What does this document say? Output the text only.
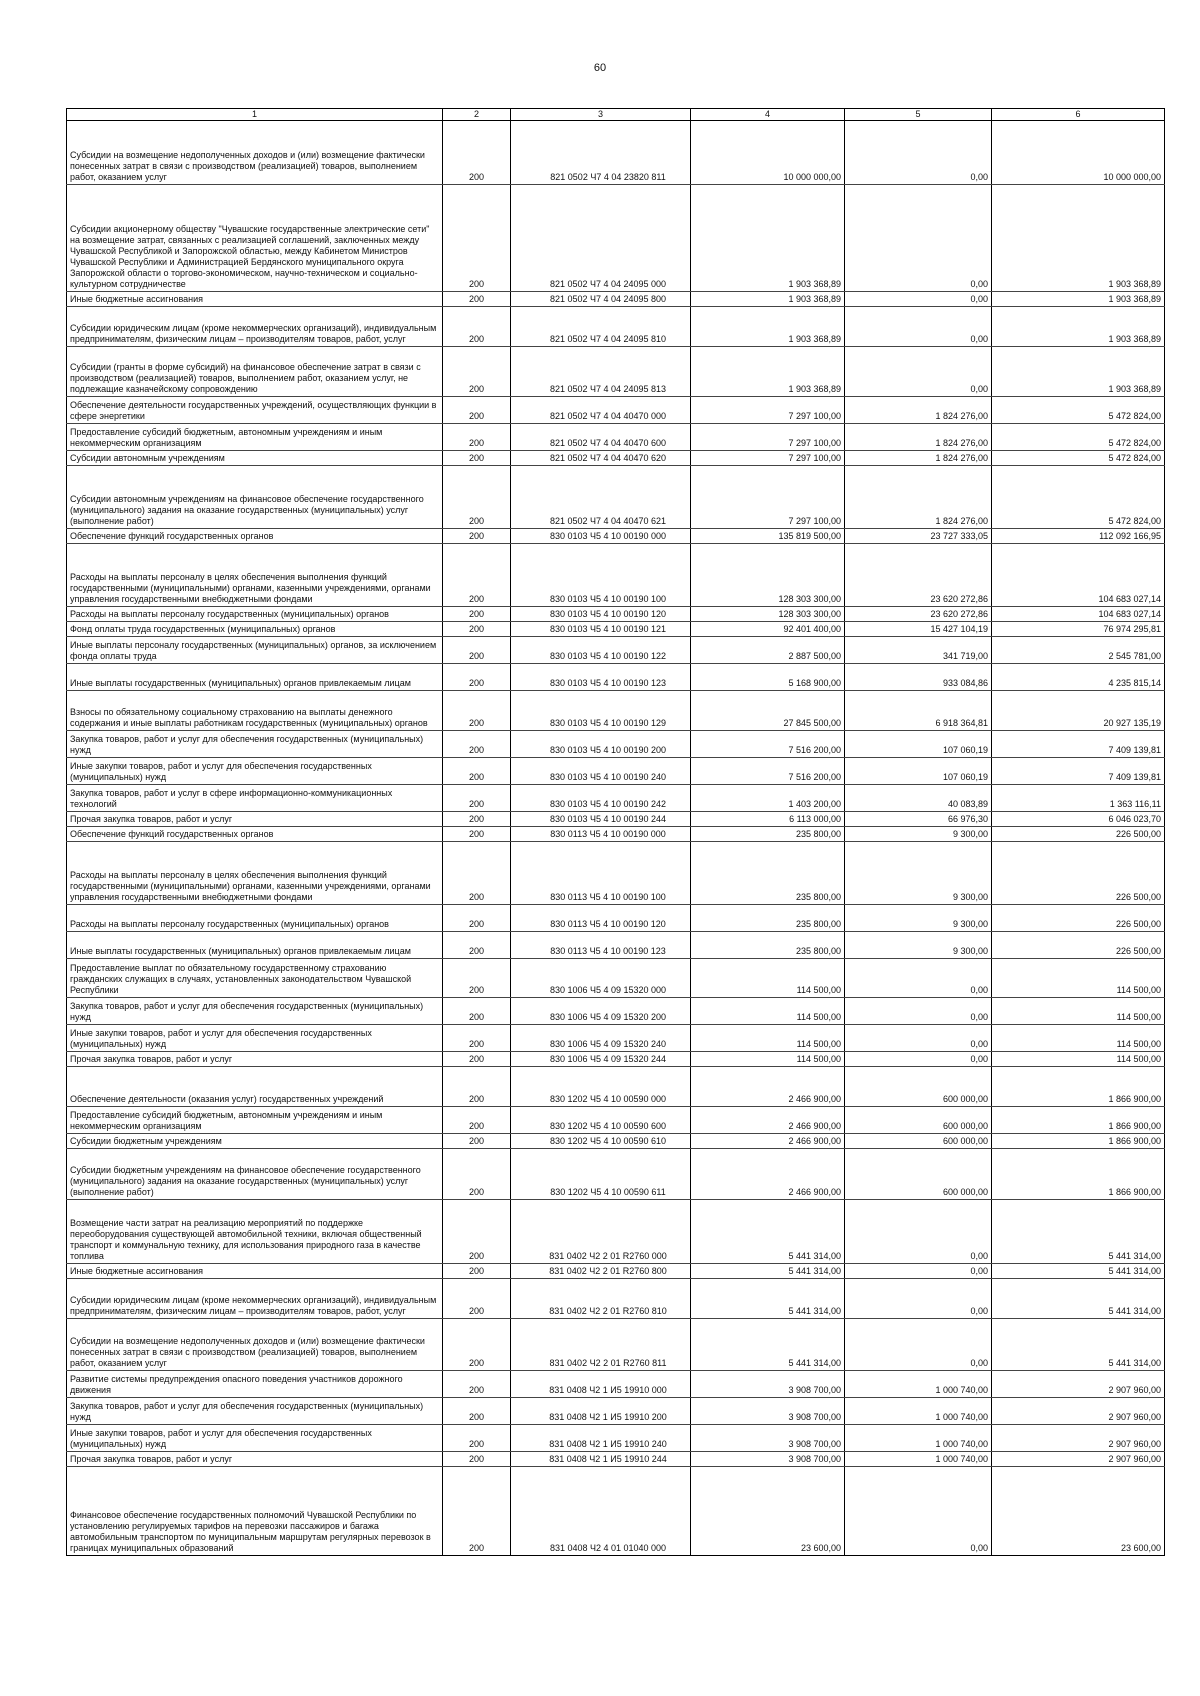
60
1	2	3	4	5	6
Субсидии на возмещение недополученных доходов и (или) возмещение фактически понесенных затрат в связи с производством (реализацией) товаров, выполнением работ, оказанием услуг	200	821 0502 Ч7 4 04 23820 811	10 000 000,00	0,00	10 000 000,00
Субсидии акционерному обществу "Чувашские государственные электрические сети" на возмещение затрат, связанных с реализацией соглашений, заключенных между Чувашской Республикой и Запорожской областью, между Кабинетом Министров Чувашской Республики и Администрацией Бердянского муниципального округа Запорожской области о торгово-экономическом, научно-техническом и социально-культурном сотрудничестве	200	821 0502 Ч7 4 04 24095 000	1 903 368,89	0,00	1 903 368,89
Иные бюджетные ассигнования	200	821 0502 Ч7 4 04 24095 800	1 903 368,89	0,00	1 903 368,89
Субсидии юридическим лицам (кроме некоммерческих организаций), индивидуальным предпринимателям, физическим лицам – производителям товаров, работ, услуг	200	821 0502 Ч7 4 04 24095 810	1 903 368,89	0,00	1 903 368,89
Субсидии (гранты в форме субсидий) на финансовое обеспечение затрат в связи с производством (реализацией) товаров, выполнением работ, оказанием услуг, не подлежащие казначейскому сопровождению	200	821 0502 Ч7 4 04 24095 813	1 903 368,89	0,00	1 903 368,89
Обеспечение деятельности государственных учреждений, осуществляющих функции в сфере энергетики	200	821 0502 Ч7 4 04 40470 000	7 297 100,00	1 824 276,00	5 472 824,00
Предоставление субсидий бюджетным, автономным учреждениям и иным некоммерческим организациям	200	821 0502 Ч7 4 04 40470 600	7 297 100,00	1 824 276,00	5 472 824,00
Субсидии автономным учреждениям	200	821 0502 Ч7 4 04 40470 620	7 297 100,00	1 824 276,00	5 472 824,00
Субсидии автономным учреждениям на финансовое обеспечение государственного (муниципального) задания на оказание государственных (муниципальных) услуг (выполнение работ)	200	821 0502 Ч7 4 04 40470 621	7 297 100,00	1 824 276,00	5 472 824,00
Обеспечение функций государственных органов	200	830 0103 Ч5 4 10 00190 000	135 819 500,00	23 727 333,05	112 092 166,95
Расходы на выплаты персоналу в целях обеспечения выполнения функций государственными (муниципальными) органами, казенными учреждениями, органами управления государственными внебюджетными фондами	200	830 0103 Ч5 4 10 00190 100	128 303 300,00	23 620 272,86	104 683 027,14
Расходы на выплаты персоналу государственных (муниципальных) органов	200	830 0103 Ч5 4 10 00190 120	128 303 300,00	23 620 272,86	104 683 027,14
Фонд оплаты труда государственных (муниципальных) органов	200	830 0103 Ч5 4 10 00190 121	92 401 400,00	15 427 104,19	76 974 295,81
Иные выплаты персоналу государственных (муниципальных) органов, за исключением фонда оплаты труда	200	830 0103 Ч5 4 10 00190 122	2 887 500,00	341 719,00	2 545 781,00
Иные выплаты государственных (муниципальных) органов привлекаемым лицам	200	830 0103 Ч5 4 10 00190 123	5 168 900,00	933 084,86	4 235 815,14
Взносы по обязательному социальному страхованию на выплаты денежного содержания и иные выплаты работникам государственных (муниципальных) органов	200	830 0103 Ч5 4 10 00190 129	27 845 500,00	6 918 364,81	20 927 135,19
Закупка товаров, работ и услуг для обеспечения государственных (муниципальных) нужд	200	830 0103 Ч5 4 10 00190 200	7 516 200,00	107 060,19	7 409 139,81
Иные закупки товаров, работ и услуг для обеспечения государственных (муниципальных) нужд	200	830 0103 Ч5 4 10 00190 240	7 516 200,00	107 060,19	7 409 139,81
Закупка товаров, работ и услуг в сфере информационно-коммуникационных технологий	200	830 0103 Ч5 4 10 00190 242	1 403 200,00	40 083,89	1 363 116,11
Прочая закупка товаров, работ и услуг	200	830 0103 Ч5 4 10 00190 244	6 113 000,00	66 976,30	6 046 023,70
Обеспечение функций государственных органов	200	830 0113 Ч5 4 10 00190 000	235 800,00	9 300,00	226 500,00
Расходы на выплаты персоналу в целях обеспечения выполнения функций государственными (муниципальными) органами, казенными учреждениями, органами управления государственными внебюджетными фондами	200	830 0113 Ч5 4 10 00190 100	235 800,00	9 300,00	226 500,00
Расходы на выплаты персоналу государственных (муниципальных) органов	200	830 0113 Ч5 4 10 00190 120	235 800,00	9 300,00	226 500,00
Иные выплаты государственных (муниципальных) органов привлекаемым лицам	200	830 0113 Ч5 4 10 00190 123	235 800,00	9 300,00	226 500,00
Предоставление выплат по обязательному государственному страхованию гражданских служащих в случаях, установленных законодательством Чувашской Республики	200	830 1006 Ч5 4 09 15320 000	114 500,00	0,00	114 500,00
Закупка товаров, работ и услуг для обеспечения государственных (муниципальных) нужд	200	830 1006 Ч5 4 09 15320 200	114 500,00	0,00	114 500,00
Иные закупки товаров, работ и услуг для обеспечения государственных (муниципальных) нужд	200	830 1006 Ч5 4 09 15320 240	114 500,00	0,00	114 500,00
Прочая закупка товаров, работ и услуг	200	830 1006 Ч5 4 09 15320 244	114 500,00	0,00	114 500,00
Обеспечение деятельности (оказания услуг) государственных учреждений	200	830 1202 Ч5 4 10 00590 000	2 466 900,00	600 000,00	1 866 900,00
Предоставление субсидий бюджетным, автономным учреждениям и иным некоммерческим организациям	200	830 1202 Ч5 4 10 00590 600	2 466 900,00	600 000,00	1 866 900,00
Субсидии бюджетным учреждениям	200	830 1202 Ч5 4 10 00590 610	2 466 900,00	600 000,00	1 866 900,00
Субсидии бюджетным учреждениям на финансовое обеспечение государственного (муниципального) задания на оказание государственных (муниципальных) услуг (выполнение работ)	200	830 1202 Ч5 4 10 00590 611	2 466 900,00	600 000,00	1 866 900,00
Возмещение части затрат на реализацию мероприятий по поддержке переоборудования существующей автомобильной техники, включая общественный транспорт и коммунальную технику, для использования природного газа в качестве топлива	200	831 0402 Ч2 2 01 R2760 000	5 441 314,00	0,00	5 441 314,00
Иные бюджетные ассигнования	200	831 0402 Ч2 2 01 R2760 800	5 441 314,00	0,00	5 441 314,00
Субсидии юридическим лицам (кроме некоммерческих организаций), индивидуальным предпринимателям, физическим лицам – производителям товаров, работ, услуг	200	831 0402 Ч2 2 01 R2760 810	5 441 314,00	0,00	5 441 314,00
Субсидии на возмещение недополученных доходов и (или) возмещение фактически понесенных затрат в связи с производством (реализацией) товаров, выполнением работ, оказанием услуг	200	831 0402 Ч2 2 01 R2760 811	5 441 314,00	0,00	5 441 314,00
Развитие системы предупреждения опасного поведения участников дорожного движения	200	831 0408 Ч2 1 И5 19910 000	3 908 700,00	1 000 740,00	2 907 960,00
Закупка товаров, работ и услуг для обеспечения государственных (муниципальных) нужд	200	831 0408 Ч2 1 И5 19910 200	3 908 700,00	1 000 740,00	2 907 960,00
Иные закупки товаров, работ и услуг для обеспечения государственных (муниципальных) нужд	200	831 0408 Ч2 1 И5 19910 240	3 908 700,00	1 000 740,00	2 907 960,00
Прочая закупка товаров, работ и услуг	200	831 0408 Ч2 1 И5 19910 244	3 908 700,00	1 000 740,00	2 907 960,00
Финансовое обеспечение государственных полномочий Чувашской Республики по установлению регулируемых тарифов на перевозки пассажиров и багажа автомобильным транспортом по муниципальным маршрутам регулярных перевозок в границах муниципальных образований	200	831 0408 Ч2 4 01 01040 000	23 600,00	0,00	23 600,00
